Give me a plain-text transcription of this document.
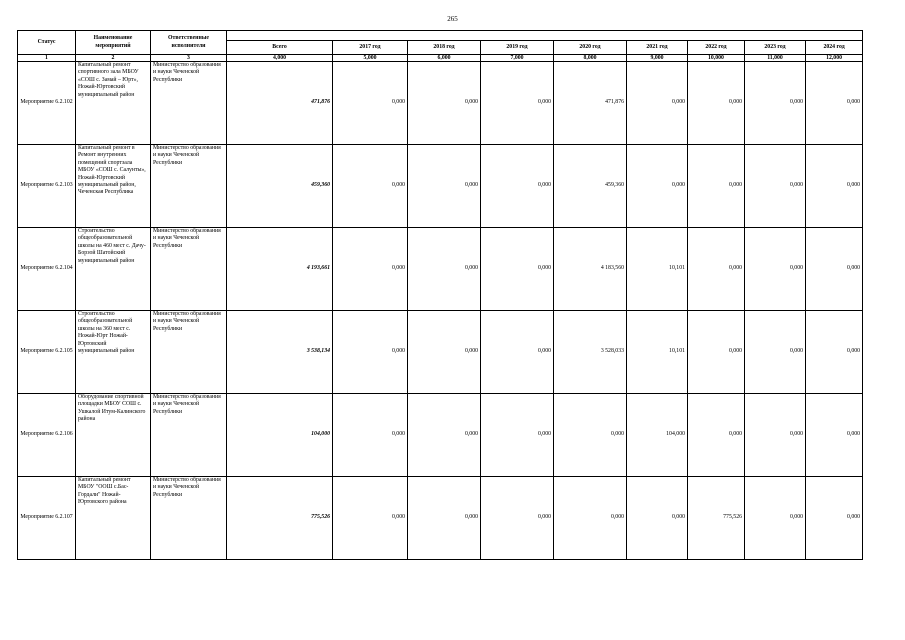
265
Статус	Наименование мероприятий	Ответственные исполнители									
			Всего	2017 год	2018 год	2019 год	2020 год	2021 год	2022 год	2023 год	2024 год
1	2	3	4,000	5,000	6,000	7,000	8,000	9,000	10,000	11,000	12,000
Мероприятие 6.2.102	Капитальный ремонт спортивного зала МБОУ «СОШ с. Замай – Юрт», Ножай-Юртовский муниципальный район	Министерство образования и науки Чеченской Республики	471,876	0,000	0,000	0,000	471,876	0,000	0,000	0,000	0,000
Мероприятие 6.2.103	Капитальный ремонт в Ремонт внутренних помещений спортзала МБОУ «СОШ с. Салунты», Ножай-Юртовский муниципальный район, Чеченская Республика	Министерство образования и науки Чеченской Республики	459,360	0,000	0,000	0,000	459,360	0,000	0,000	0,000	0,000
Мероприятие 6.2.104	Строительство общеобразовательной школы на 460 мест с. Дачу-Борзой Шатойский муниципальный район	Министерство образования и науки Чеченской Республики	4 193,661	0,000	0,000	0,000	4 183,560	10,101	0,000	0,000	0,000
Мероприятие 6.2.105	Строительство общеобразовательной школы на 360 мест с. Ножай-Юрт Ножай-Юртовский муниципальный район	Министерство образования и науки Чеченской Республики	3 538,134	0,000	0,000	0,000	3 528,033	10,101	0,000	0,000	0,000
Мероприятие 6.2.106	Оборудование спортивной площадки МБОУ СОШ с. Ушкалой Итум-Калинского района	Министерство образования и науки Чеченской Республики	104,000	0,000	0,000	0,000	0,000	104,000	0,000	0,000	0,000
Мероприятие 6.2.107	Капитальный ремонт МБОУ "ООШ с.Бас-Гордали" Ножай-Юртовского района	Министерство образования и науки Чеченской Республики	775,526	0,000	0,000	0,000	0,000	0,000	775,526	0,000	0,000
